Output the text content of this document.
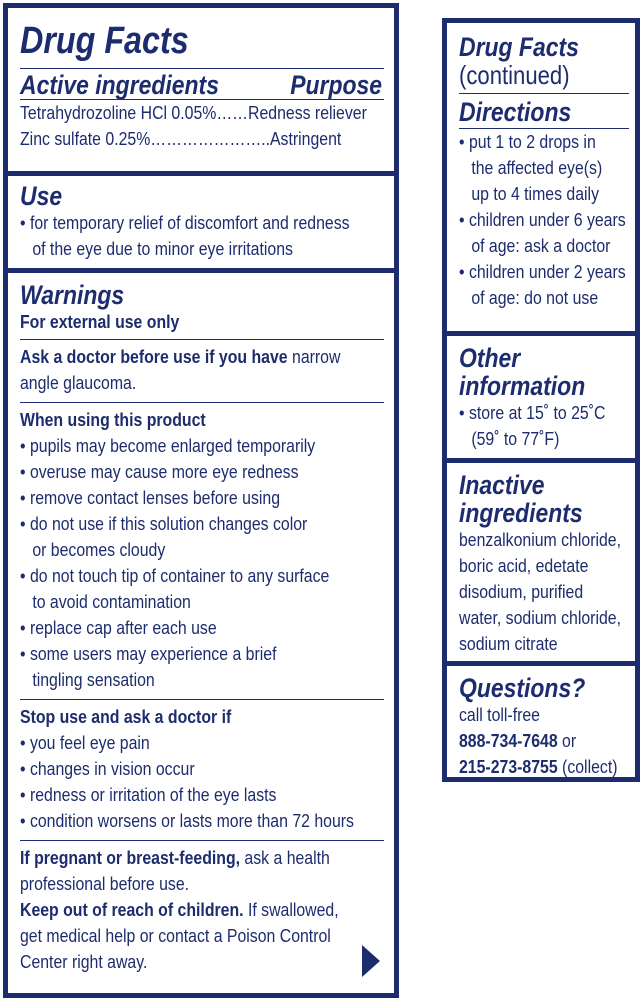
Drug Facts
Active ingredients	Purpose
Tetrahydrozoline HCl 0.05%……Redness reliever
Zinc sulfate 0.25%…………………..Astringent
Use
• for temporary relief of discomfort and redness
of the eye due to minor eye irritations
Warnings
For external use only
Ask a doctor before use if you have narrow
angle glaucoma.
When using this product
• pupils may become enlarged temporarily
• overuse may cause more eye redness
• remove contact lenses before using
• do not use if this solution changes color
or becomes cloudy
• do not touch tip of container to any surface
to avoid contamination
• replace cap after each use
• some users may experience a brief
tingling sensation
Stop use and ask a doctor if
• you feel eye pain
• changes in vision occur
• redness or irritation of the eye lasts
• condition worsens or lasts more than 72 hours
If pregnant or breast-feeding, ask a health
professional before use.
Keep out of reach of children. If swallowed,
get medical help or contact a Poison Control
Center right away.
Drug Facts
(continued)
Directions
• put 1 to 2 drops in
the affected eye(s)
up to 4 times daily
• children under 6 years
of age: ask a doctor
• children under 2 years
of age: do not use
Other
information
• store at 15˚ to 25˚C
(59˚ to 77˚F)
Inactive
ingredients
benzalkonium chloride,
boric acid, edetate
disodium, purified
water, sodium chloride,
sodium citrate
Questions?
call toll-free
888-734-7648 or
215-273-8755 (collect)
